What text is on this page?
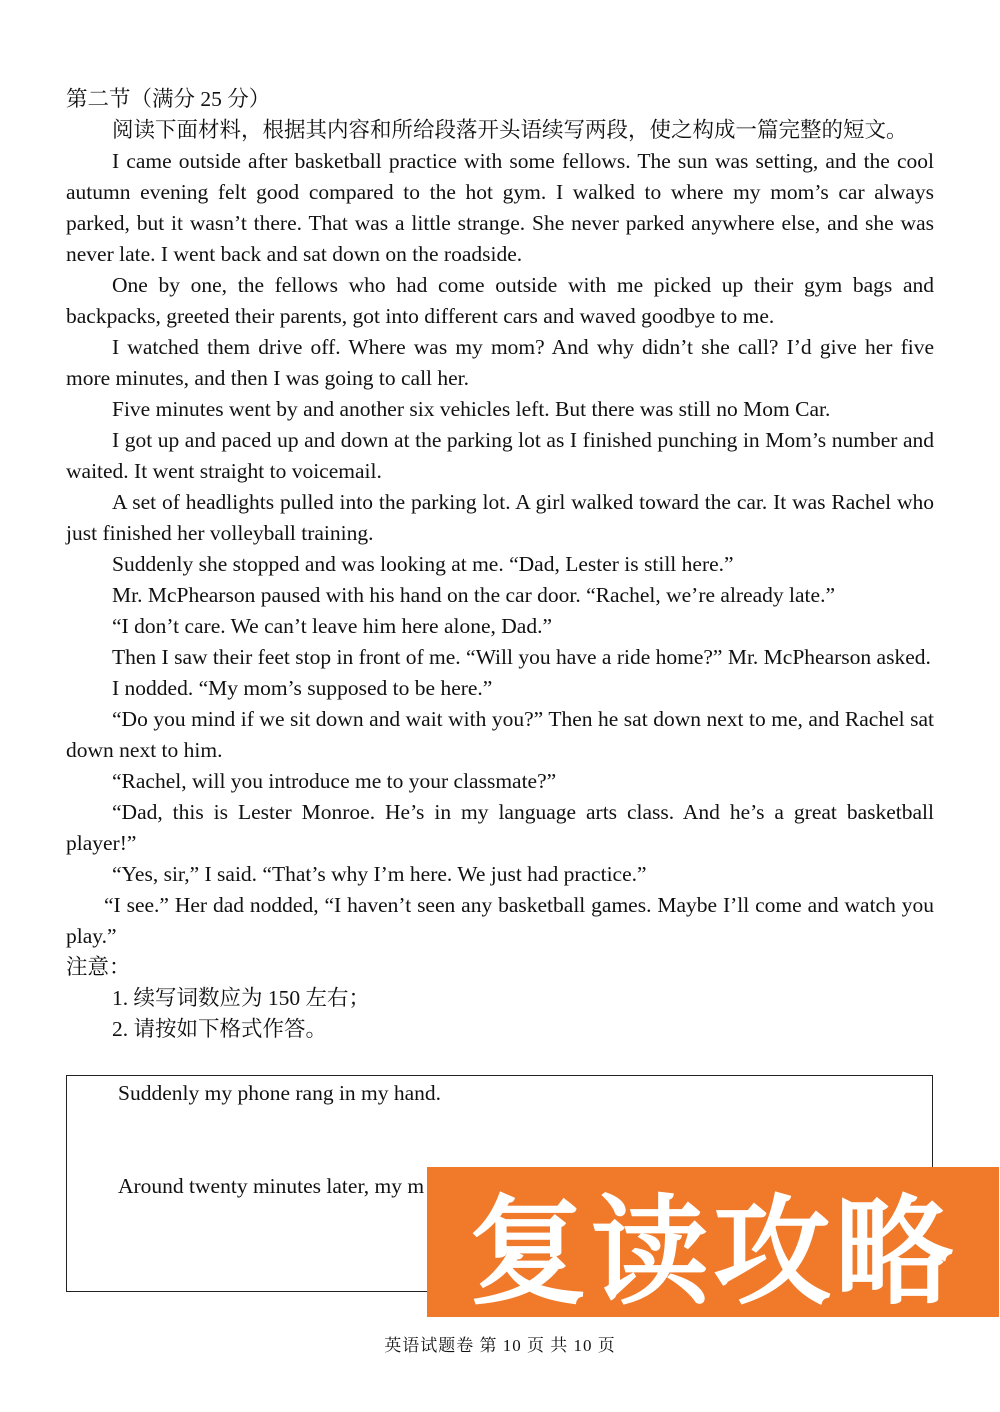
第二节（满分 25 分）

阅读下面材料，根据其内容和所给段落开头语续写两段，使之构成一篇完整的短文。

I came outside after basketball practice with some fellows. The sun was setting, and the cool autumn evening felt good compared to the hot gym. I walked to where my mom’s car always parked, but it wasn’t there. That was a little strange. She never parked anywhere else, and she was never late. I went back and sat down on the roadside.

One by one, the fellows who had come outside with me picked up their gym bags and backpacks, greeted their parents, got into different cars and waved goodbye to me.

I watched them drive off. Where was my mom? And why didn’t she call? I’d give her five more minutes, and then I was going to call her.

Five minutes went by and another six vehicles left. But there was still no Mom Car.

I got up and paced up and down at the parking lot as I finished punching in Mom’s number and waited. It went straight to voicemail.

A set of headlights pulled into the parking lot. A girl walked toward the car. It was Rachel who just finished her volleyball training.

Suddenly she stopped and was looking at me. “Dad, Lester is still here.”

Mr. McPhearson paused with his hand on the car door. “Rachel, we’re already late.”

“I don’t care. We can’t leave him here alone, Dad.”

Then I saw their feet stop in front of me. “Will you have a ride home?” Mr. McPhearson asked.

I nodded. “My mom’s supposed to be here.”

“Do you mind if we sit down and wait with you?” Then he sat down next to me, and Rachel sat down next to him.

“Rachel, will you introduce me to your classmate?”

“Dad, this is Lester Monroe. He’s in my language arts class. And he’s a great basketball player!”

“Yes, sir,” I said. “That’s why I’m here. We just had practice.”

“I see.” Her dad nodded, “I haven’t seen any basketball games. Maybe I’ll come and watch you play.”

注意：

1. 续写词数应为 150 左右；

2. 请按如下格式作答。

Suddenly my phone rang in my hand.
Around twenty minutes later, my m 复读攻略
英语试题卷 第 10 页 共 10 页
